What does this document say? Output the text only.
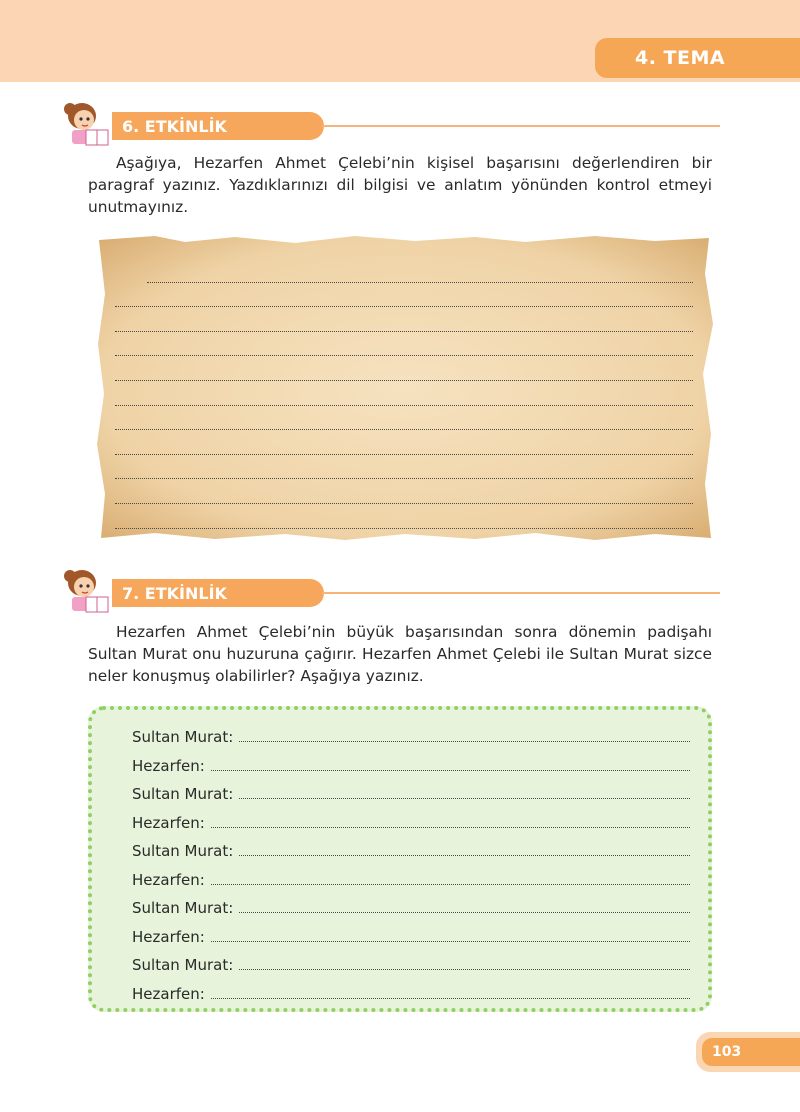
4. TEMA
6. ETKİNLİK

Aşağıya, Hezarfen Ahmet Çelebi’nin kişisel başarısını değerlendiren bir paragraf yazınız. Yazdıklarınızı dil bilgisi ve anlatım yönünden kontrol etmeyi unutmayınız.

7. ETKİNLİK

Hezarfen Ahmet Çelebi’nin büyük başarısından sonra dönemin padişahı Sultan Murat onu huzuruna çağırır. Hezarfen Ahmet Çelebi ile Sultan Murat sizce neler konuşmuş olabilirler? Aşağıya yazınız.

Sultan Murat:
Hezarfen:
Sultan Murat:
Hezarfen:
Sultan Murat:
Hezarfen:
Sultan Murat:
Hezarfen:
Sultan Murat:
Hezarfen:
103
